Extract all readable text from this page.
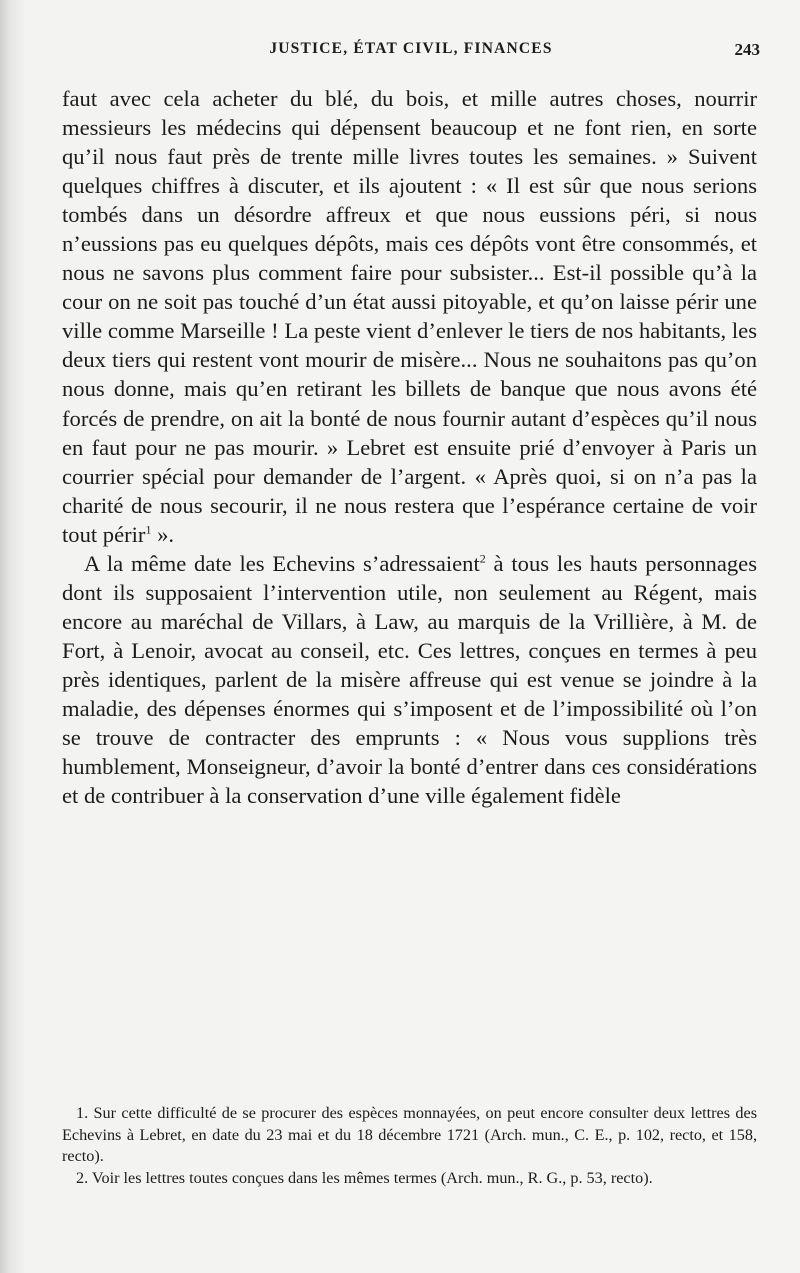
JUSTICE, ÉTAT CIVIL, FINANCES	243

faut avec cela acheter du blé, du bois, et mille autres choses, nourrir messieurs les médecins qui dépensent beaucoup et ne font rien, en sorte qu’il nous faut près de trente mille livres toutes les semaines. » Suivent quelques chiffres à discuter, et ils ajoutent : « Il est sûr que nous serions tombés dans un désordre affreux et que nous eussions péri, si nous n’eussions pas eu quelques dépôts, mais ces dépôts vont être consommés, et nous ne savons plus comment faire pour subsister... Est-il possible qu’à la cour on ne soit pas touché d’un état aussi pitoyable, et qu’on laisse périr une ville comme Marseille ! La peste vient d’enlever le tiers de nos habitants, les deux tiers qui restent vont mourir de misère... Nous ne souhaitons pas qu’on nous donne, mais qu’en retirant les billets de banque que nous avons été forcés de prendre, on ait la bonté de nous fournir autant d’espèces qu’il nous en faut pour ne pas mourir. » Lebret est ensuite prié d’envoyer à Paris un courrier spécial pour demander de l’argent. « Après quoi, si on n’a pas la charité de nous secourir, il ne nous restera que l’espérance certaine de voir tout périr$^1$ ».

A la même date les Echevins s’adressaient$^2$ à tous les hauts personnages dont ils supposaient l’intervention utile, non seulement au Régent, mais encore au maréchal de Villars, à Law, au marquis de la Vrillière, à M. de Fort, à Lenoir, avocat au conseil, etc. Ces lettres, conçues en termes à peu près identiques, parlent de la misère affreuse qui est venue se joindre à la maladie, des dépenses énormes qui s’imposent et de l’impossibilité où l’on se trouve de contracter des emprunts : « Nous vous supplions très humblement, Monseigneur, d’avoir la bonté d’entrer dans ces considérations et de contribuer à la conservation d’une ville également fidèle

1. Sur cette difficulté de se procurer des espèces monnayées, on peut encore consulter deux lettres des Echevins à Lebret, en date du 23 mai et du 18 décembre 1721 (Arch. mun., C. E., p. 102, recto, et 158, recto).

2. Voir les lettres toutes conçues dans les mêmes termes (Arch. mun., R. G., p. 53, recto).
